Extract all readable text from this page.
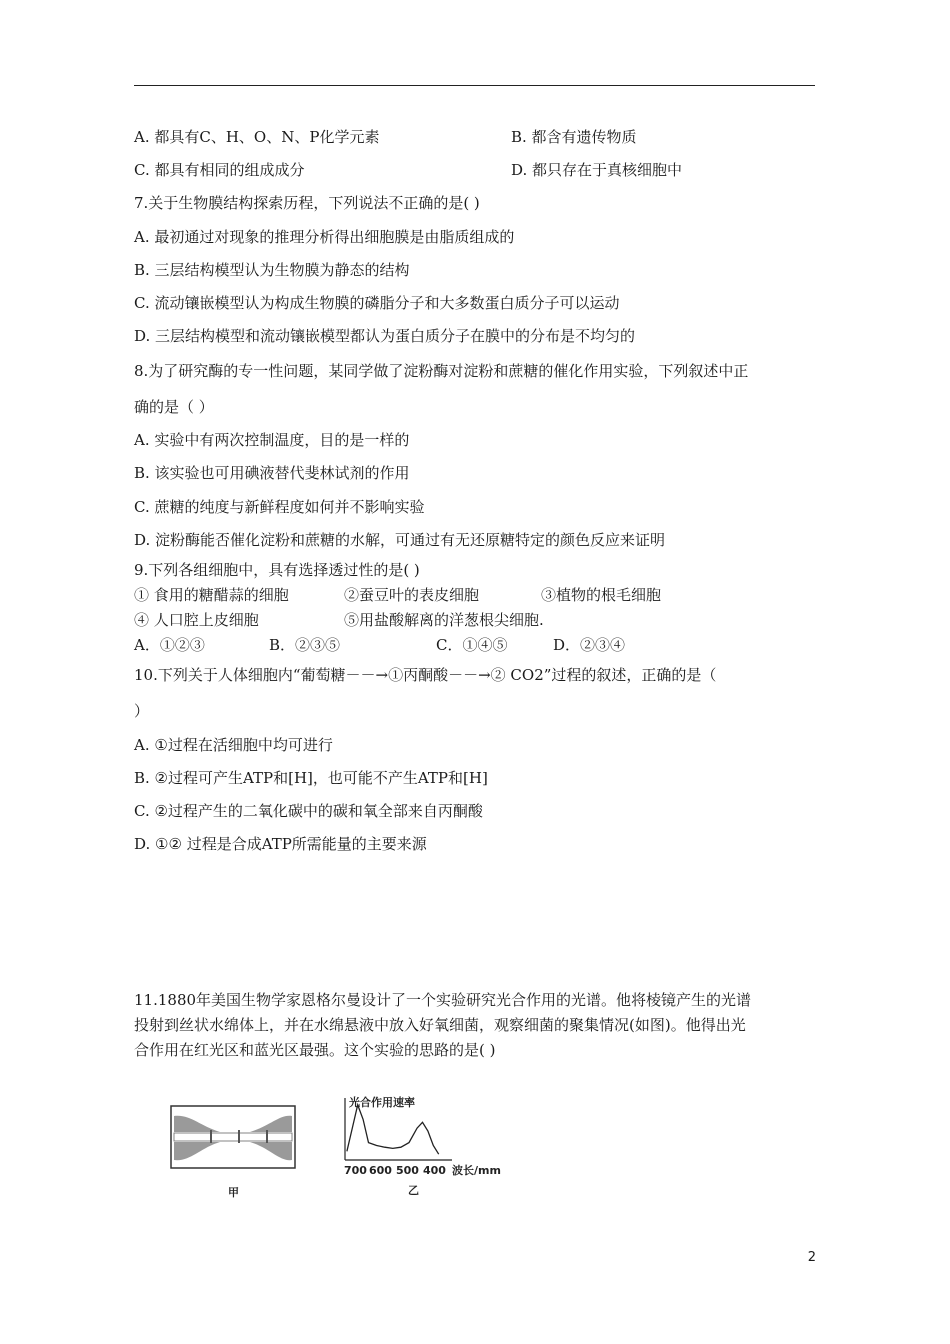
A. 都具有C、H、O、N、P化学元素	B. 都含有遗传物质
C. 都具有相同的组成成分	D. 都只存在于真核细胞中
7.关于生物膜结构探索历程，下列说法不正确的是( )
A. 最初通过对现象的推理分析得出细胞膜是由脂质组成的
B. 三层结构模型认为生物膜为静态的结构
C. 流动镶嵌模型认为构成生物膜的磷脂分子和大多数蛋白质分子可以运动
D. 三层结构模型和流动镶嵌模型都认为蛋白质分子在膜中的分布是不均匀的
8.为了研究酶的专一性问题，某同学做了淀粉酶对淀粉和蔗糖的催化作用实验，下列叙述中正
确的是（ ）
A. 实验中有两次控制温度，目的是一样的
B. 该实验也可用碘液替代斐林试剂的作用
C. 蔗糖的纯度与新鲜程度如何并不影响实验
D. 淀粉酶能否催化淀粉和蔗糖的水解，可通过有无还原糖特定的颜色反应来证明
9.下列各组细胞中，具有选择透过性的是( )
① 食用的糖醋蒜的细胞	②蚕豆叶的表皮细胞	③植物的根毛细胞
④ 人口腔上皮细胞	⑤用盐酸解离的洋葱根尖细胞.
A．①②③	B．②③⑤	C．①④⑤	D．②③④
10.下列关于人体细胞内“葡萄糖－－→①丙酮酸－－→② CO2”过程的叙述，正确的是（
）
A. ①过程在活细胞中均可进行
B. ②过程可产生ATP和[H]，也可能不产生ATP和[H]
C. ②过程产生的二氧化碳中的碳和氧全部来自丙酮酸
D. ①② 过程是合成ATP所需能量的主要来源
11.1880年美国生物学家恩格尔曼设计了一个实验研究光合作用的光谱。他将棱镜产生的光谱
投射到丝状水绵体上，并在水绵悬液中放入好氧细菌，观察细菌的聚集情况(如图)。他得出光
合作用在红光区和蓝光区最强。这个实验的思路的是( )
细菌
甲
光合作用速率
700 600 500 400 波长/mm
乙
2
